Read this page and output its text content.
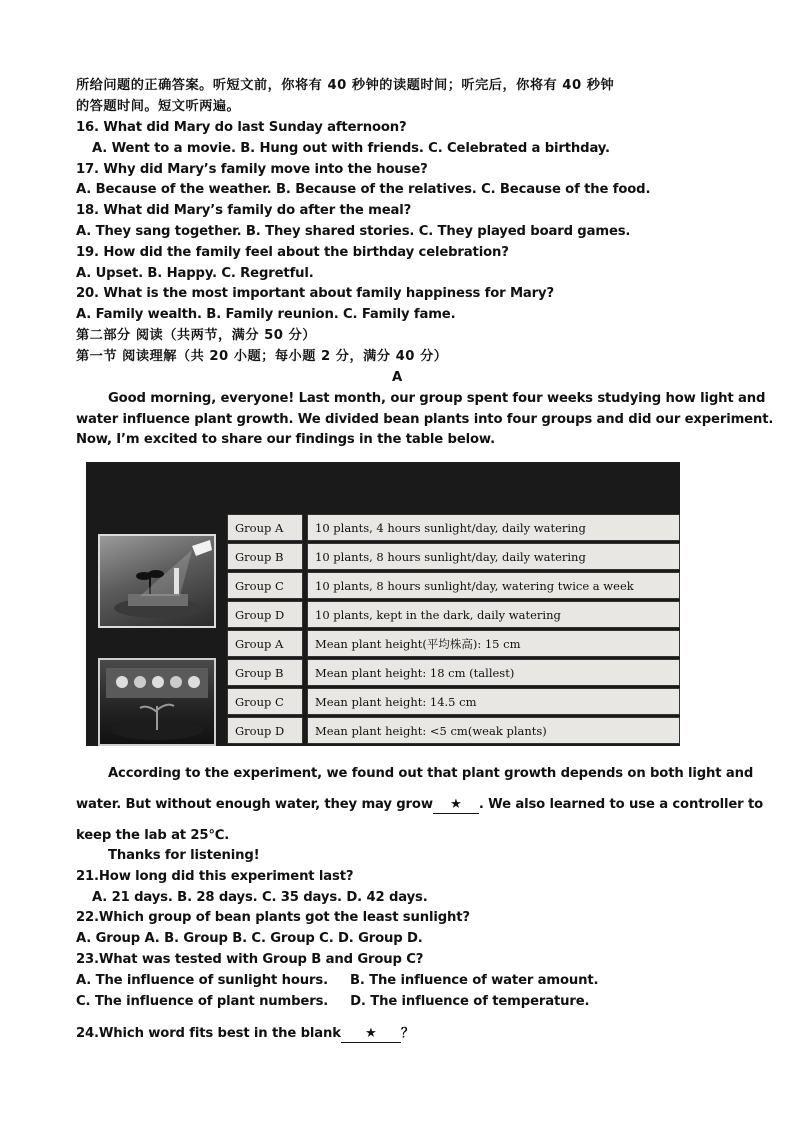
所给问题的正确答案。听短文前，你将有 40 秒钟的读题时间；听完后，你将有 40 秒钟
的答题时间。短文听两遍。
16. What did Mary do last Sunday afternoon?
A. Went to a movie. B. Hung out with friends. C. Celebrated a birthday.
17. Why did Mary’s family move into the house?
A. Because of the weather. B. Because of the relatives. C. Because of the food.
18. What did Mary’s family do after the meal?
A. They sang together. B. They shared stories. C. They played board games.
19. How did the family feel about the birthday celebration?
A. Upset. B. Happy. C. Regretful.
20. What is the most important about family happiness for Mary?
A. Family wealth. B. Family reunion. C. Family fame.
第二部分 阅读（共两节，满分 50 分）
第一节 阅读理解（共 20 小题；每小题 2 分，满分 40 分）
A
Good morning, everyone! Last month, our group spent four weeks studying how light and
water influence plant growth. We divided bean plants into four groups and did our experiment.
Now, I’m excited to share our findings in the table below.
Group A	10 plants, 4 hours sunlight/day, daily watering
Group B	10 plants, 8 hours sunlight/day, daily watering
Group C	10 plants, 8 hours sunlight/day, watering twice a week
Group D	10 plants, kept in the dark, daily watering
Group A	Mean plant height(平均株高): 15 cm
Group B	Mean plant height: 18 cm (tallest)
Group C	Mean plant height: 14.5 cm
Group D	Mean plant height: <5 cm(weak plants)
According to the experiment, we found out that plant growth depends on both light and
water. But without enough water, they may grow ★ . We also learned to use a controller to
keep the lab at 25℃.
Thanks for listening!
21.How long did this experiment last?
A. 21 days. B. 28 days. C. 35 days. D. 42 days.
22.Which group of bean plants got the least sunlight?
A. Group A. B. Group B. C. Group C. D. Group D.
23.What was tested with Group B and Group C?
A. The influence of sunlight hours. B. The influence of water amount.
C. The influence of plant numbers. D. The influence of temperature.
24.Which word fits best in the blank ★ ？
